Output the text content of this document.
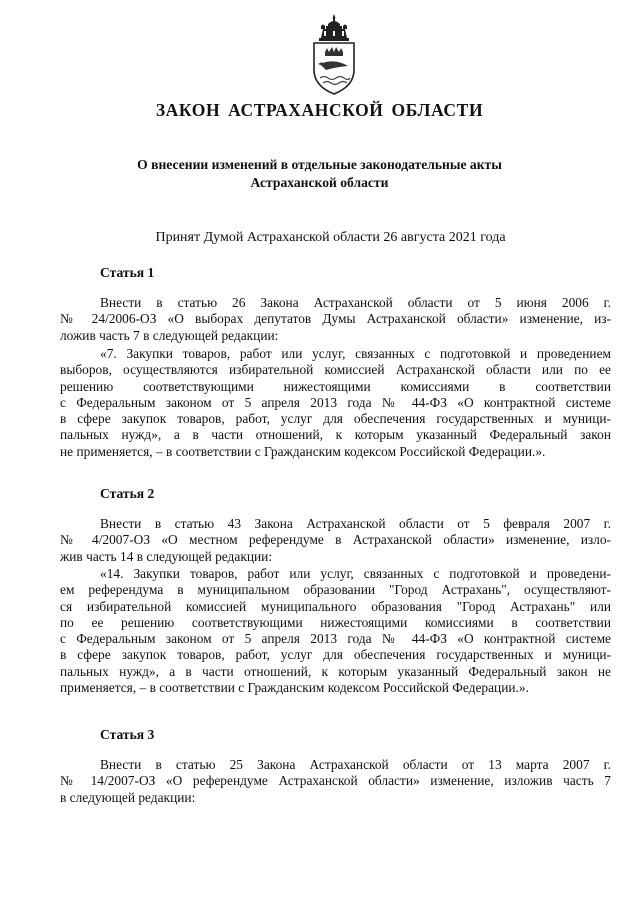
ЗАКОН АСТРАХАНСКОЙ ОБЛАСТИ
О внесении изменений в отдельные законодательные акты
Астраханской области
Принят Думой Астраханской области 26 августа 2021 года
Статья 1
Внести в статью 26 Закона Астраханской области от 5 июня 2006 г.
№ 24/2006-ОЗ «О выборах депутатов Думы Астраханской области» изменение, из-
ложив часть 7 в следующей редакции:
«7. Закупки товаров, работ или услуг, связанных с подготовкой и проведением
выборов, осуществляются избирательной комиссией Астраханской области или по ее
решению соответствующими нижестоящими комиссиями в соответствии
с Федеральным законом от 5 апреля 2013 года № 44-ФЗ «О контрактной системе
в сфере закупок товаров, работ, услуг для обеспечения государственных и муници-
пальных нужд», а в части отношений, к которым указанный Федеральный закон
не применяется, – в соответствии с Гражданским кодексом Российской Федерации.».
Статья 2
Внести в статью 43 Закона Астраханской области от 5 февраля 2007 г.
№ 4/2007-ОЗ «О местном референдуме в Астраханской области» изменение, изло-
жив часть 14 в следующей редакции:
«14. Закупки товаров, работ или услуг, связанных с подготовкой и проведени-
ем референдума в муниципальном образовании "Город Астрахань", осуществляют-
ся избирательной комиссией муниципального образования "Город Астрахань" или
по ее решению соответствующими нижестоящими комиссиями в соответствии
с Федеральным законом от 5 апреля 2013 года № 44-ФЗ «О контрактной системе
в сфере закупок товаров, работ, услуг для обеспечения государственных и муници-
пальных нужд», а в части отношений, к которым указанный Федеральный закон не
применяется, – в соответствии с Гражданским кодексом Российской Федерации.».
Статья 3
Внести в статью 25 Закона Астраханской области от 13 марта 2007 г.
№ 14/2007-ОЗ «О референдуме Астраханской области» изменение, изложив часть 7
в следующей редакции:
